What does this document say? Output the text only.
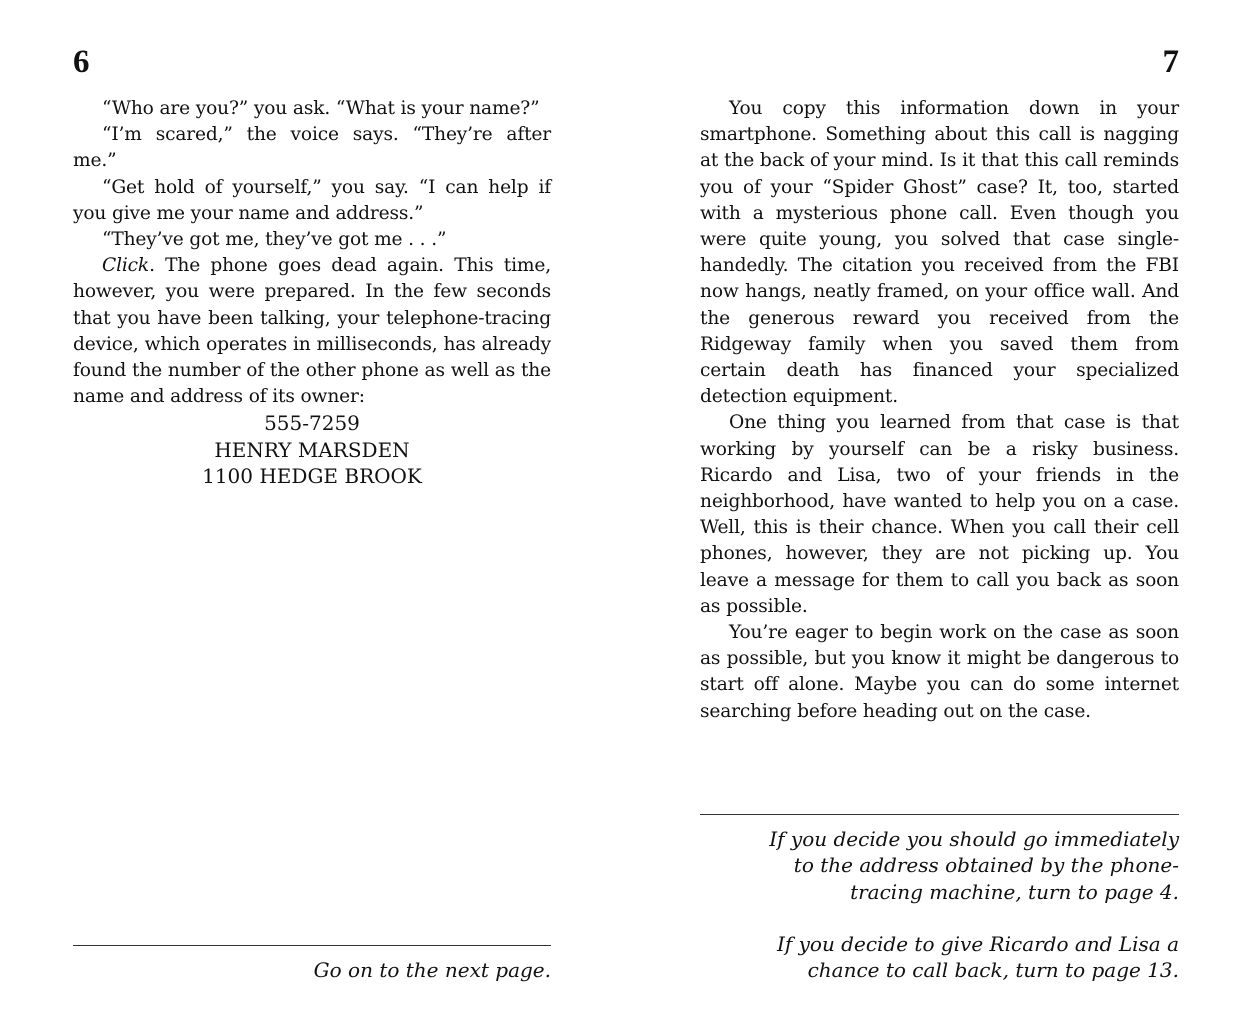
6

“Who are you?” you ask. “What is your name?”

“I’m scared,” the voice says. “They’re after me.”

“Get hold of yourself,” you say. “I can help if you give me your name and address.”

“They’ve got me, they’ve got me . . .”

Click. The phone goes dead again. This time, however, you were prepared. In the few seconds that you have been talking, your telephone-tracing device, which operates in milliseconds, has already found the number of the other phone as well as the name and address of its owner:

555-7259
HENRY MARSDEN
1100 HEDGE BROOK
Go on to the next page.
7

You copy this information down in your smartphone. Something about this call is nagging at the back of your mind. Is it that this call reminds you of your “Spider Ghost” case? It, too, started with a mysterious phone call. Even though you were quite young, you solved that case single-handedly. The citation you received from the FBI now hangs, neatly framed, on your office wall. And the generous reward you received from the Ridgeway family when you saved them from certain death has financed your specialized detection equipment.

One thing you learned from that case is that working by yourself can be a risky business. Ricardo and Lisa, two of your friends in the neighborhood, have wanted to help you on a case. Well, this is their chance. When you call their cell phones, however, they are not picking up. You leave a message for them to call you back as soon as possible.

You’re eager to begin work on the case as soon as possible, but you know it might be dangerous to start off alone. Maybe you can do some internet searching before heading out on the case.

If you decide you should go immediately to the address obtained by the phone-tracing machine, turn to page 4.
If you decide to give Ricardo and Lisa a chance to call back, turn to page 13.
